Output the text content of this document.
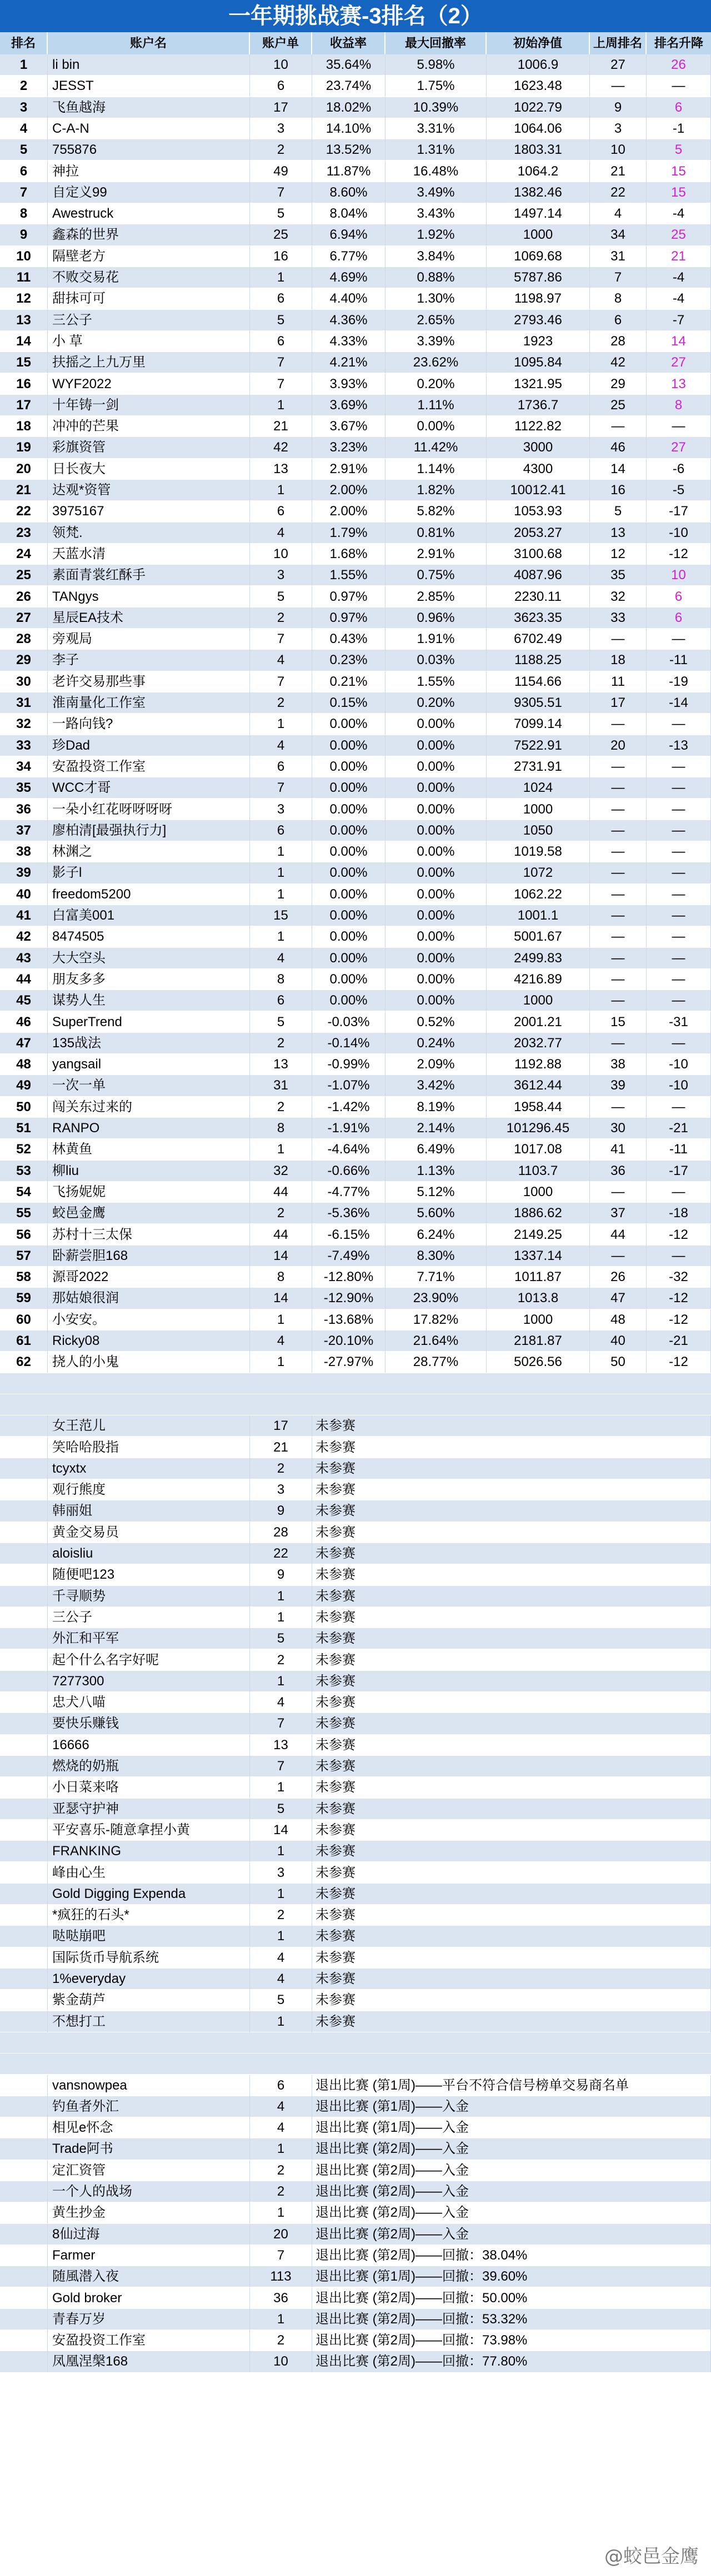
一年期挑战赛-3排名（2）
排名	账户名	账户单	收益率	最大回撤率	初始净值	上周排名 排名升降
1	li bin	10	35.64%	5.98%	1006.9	27	26
2	JESST	6	23.74%	1.75%	1623.48	—	—
3	飞鱼越海	17	18.02%	10.39%	1022.79	9	6
4	C-A-N	3	14.10%	3.31%	1064.06	3	-1
5	755876	2	13.52%	1.31%	1803.31	10	5
6	神拉	49	11.87%	16.48%	1064.2	21	15
7	自定义99	7	8.60%	3.49%	1382.46	22	15
8	Awestruck	5	8.04%	3.43%	1497.14	4	-4
9	鑫森的世界	25	6.94%	1.92%	1000	34	25
10	隔壁老方	16	6.77%	3.84%	1069.68	31	21
11	不败交易花	1	4.69%	0.88%	5787.86	7	-4
12	甜抹可可	6	4.40%	1.30%	1198.97	8	-4
13	三公子	5	4.36%	2.65%	2793.46	6	-7
14	小 草	6	4.33%	3.39%	1923	28	14
15	扶摇之上九万里	7	4.21%	23.62%	1095.84	42	27
16	WYF2022	7	3.93%	0.20%	1321.95	29	13
17	十年铸一剑	1	3.69%	1.11%	1736.7	25	8
18	冲冲的芒果	21	3.67%	0.00%	1122.82	—	—
19	彩旗资管	42	3.23%	11.42%	3000	46	27
20	日长夜大	13	2.91%	1.14%	4300	14	-6
21	达观*资管	1	2.00%	1.82%	10012.41	16	-5
22	3975167	6	2.00%	5.82%	1053.93	5	-17
23	领梵.	4	1.79%	0.81%	2053.27	13	-10
24	天蓝水清	10	1.68%	2.91%	3100.68	12	-12
25	素面青裳红酥手	3	1.55%	0.75%	4087.96	35	10
26	TANgys	5	0.97%	2.85%	2230.11	32	6
27	星辰EA技术	2	0.97%	0.96%	3623.35	33	6
28	旁观局	7	0.43%	1.91%	6702.49	—	—
29	李子	4	0.23%	0.03%	1188.25	18	-11
30	老许交易那些事	7	0.21%	1.55%	1154.66	11	-19
31	淮南量化工作室	2	0.15%	0.20%	9305.51	17	-14
32	一路向钱?	1	0.00%	0.00%	7099.14	—	—
33	珍Dad	4	0.00%	0.00%	7522.91	20	-13
34	安盈投资工作室	6	0.00%	0.00%	2731.91	—	—
35	WCC才哥	7	0.00%	0.00%	1024	—	—
36	一朵小红花呀呀呀呀	3	0.00%	0.00%	1000	—	—
37	廖柏清[最强执行力]	6	0.00%	0.00%	1050	—	—
38	林渊之	1	0.00%	0.00%	1019.58	—	—
39	影子l	1	0.00%	0.00%	1072	—	—
40	freedom5200	1	0.00%	0.00%	1062.22	—	—
41	白富美001	15	0.00%	0.00%	1001.1	—	—
42	8474505	1	0.00%	0.00%	5001.67	—	—
43	大大空头	4	0.00%	0.00%	2499.83	—	—
44	朋友多多	8	0.00%	0.00%	4216.89	—	—
45	谋势人生	6	0.00%	0.00%	1000	—	—
46	SuperTrend	5	-0.03%	0.52%	2001.21	15	-31
47	135战法	2	-0.14%	0.24%	2032.77	—	—
48	yangsail	13	-0.99%	2.09%	1192.88	38	-10
49	一次一单	31	-1.07%	3.42%	3612.44	39	-10
50	闯关东过来的	2	-1.42%	8.19%	1958.44	—	—
51	RANPO	8	-1.91%	2.14%	101296.45	30	-21
52	林黄鱼	1	-4.64%	6.49%	1017.08	41	-11
53	柳liu	32	-0.66%	1.13%	1103.7	36	-17
54	飞扬妮妮	44	-4.77%	5.12%	1000	—	—
55	蛟邑金鹰	2	-5.36%	5.60%	1886.62	37	-18
56	苏村十三太保	44	-6.15%	6.24%	2149.25	44	-12
57	卧薪尝胆168	14	-7.49%	8.30%	1337.14	—	—
58	源哥2022	8	-12.80%	7.71%	1011.87	26	-32
59	那姑娘很润	14	-12.90%	23.90%	1013.8	47	-12
60	小安安。	1	-13.68%	17.82%	1000	48	-12
61	Ricky08	4	-20.10%	21.64%	2181.87	40	-21
62	挠人的小鬼	1	-27.97%	28.77%	5026.56	50	-12
女王范儿	17	未参赛
笑哈哈股指	21	未参赛
tcyxtx	2	未参赛
观行熊度	3	未参赛
韩丽姐	9	未参赛
黄金交易员	28	未参赛
aloisliu	22	未参赛
随便吧123	9	未参赛
千寻顺势	1	未参赛
三公子	1	未参赛
外汇和平军	5	未参赛
起个什么名字好呢	2	未参赛
7277300	1	未参赛
忠犬八喵	4	未参赛
要快乐赚钱	7	未参赛
16666	13	未参赛
燃烧的奶瓶	7	未参赛
小日菜来咯	1	未参赛
亚瑟守护神	5	未参赛
平安喜乐-随意拿捏小黄	14	未参赛
FRANKING	1	未参赛
峰由心生	3	未参赛
Gold Digging Expenda	1	未参赛
*疯狂的石头*	2	未参赛
哒哒崩吧	1	未参赛
国际货币导航系统	4	未参赛
1%everyday	4	未参赛
紫金葫芦	5	未参赛
不想打工	1	未参赛
vansnowpea	6	退出比赛 (第1周)——平台不符合信号榜单交易商名单
钓鱼者外汇	4	退出比赛 (第1周)——入金
相见e怀念	4	退出比赛 (第1周)——入金
Trade阿书	1	退出比赛 (第2周)——入金
定汇资管	2	退出比赛 (第2周)——入金
一个人的战场	2	退出比赛 (第2周)——入金
黄生抄金	1	退出比赛 (第2周)——入金
8仙过海	20	退出比赛 (第2周)——入金
Farmer	7	退出比赛 (第2周)——回撤：38.04%
随風潜入夜	113	退出比赛 (第1周)——回撤：39.60%
Gold broker	36	退出比赛 (第2周)——回撤：50.00%
青春万岁	1	退出比赛 (第2周)——回撤：53.32%
安盈投资工作室	2	退出比赛 (第2周)——回撤：73.98%
凤凰涅槃168	10	退出比赛 (第2周)——回撤：77.80%
@蛟邑金鹰
